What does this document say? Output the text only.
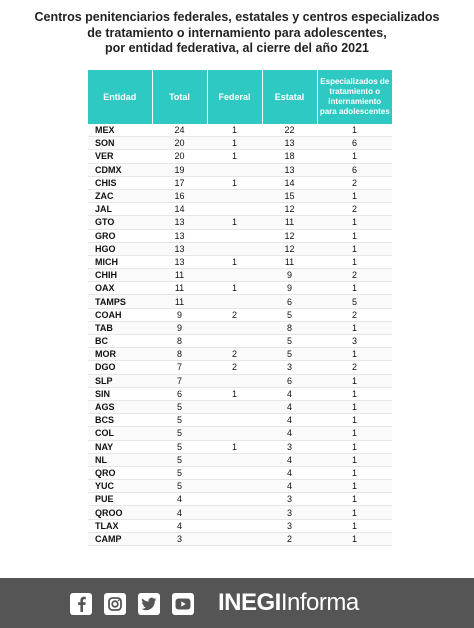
Centros penitenciarios federales, estatales y centros especializados
de tratamiento o internamiento para adolescentes,
por entidad federativa, al cierre del año 2021
Entidad	Total	Federal	Estatal	Especializados de tratamiento o internamiento para adolescentes
MEX	24	1	22	1
SON	20	1	13	6
VER	20	1	18	1
CDMX	19		13	6
CHIS	17	1	14	2
ZAC	16		15	1
JAL	14		12	2
GTO	13	1	11	1
GRO	13		12	1
HGO	13		12	1
MICH	13	1	11	1
CHIH	11		9	2
OAX	11	1	9	1
TAMPS	11		6	5
COAH	9	2	5	2
TAB	9		8	1
BC	8		5	3
MOR	8	2	5	1
DGO	7	2	3	2
SLP	7		6	1
SIN	6	1	4	1
AGS	5		4	1
BCS	5		4	1
COL	5		4	1
NAY	5	1	3	1
NL	5		4	1
QRO	5		4	1
YUC	5		4	1
PUE	4		3	1
QROO	4		3	1
TLAX	4		3	1
CAMP	3		2	1
INEGIInforma
